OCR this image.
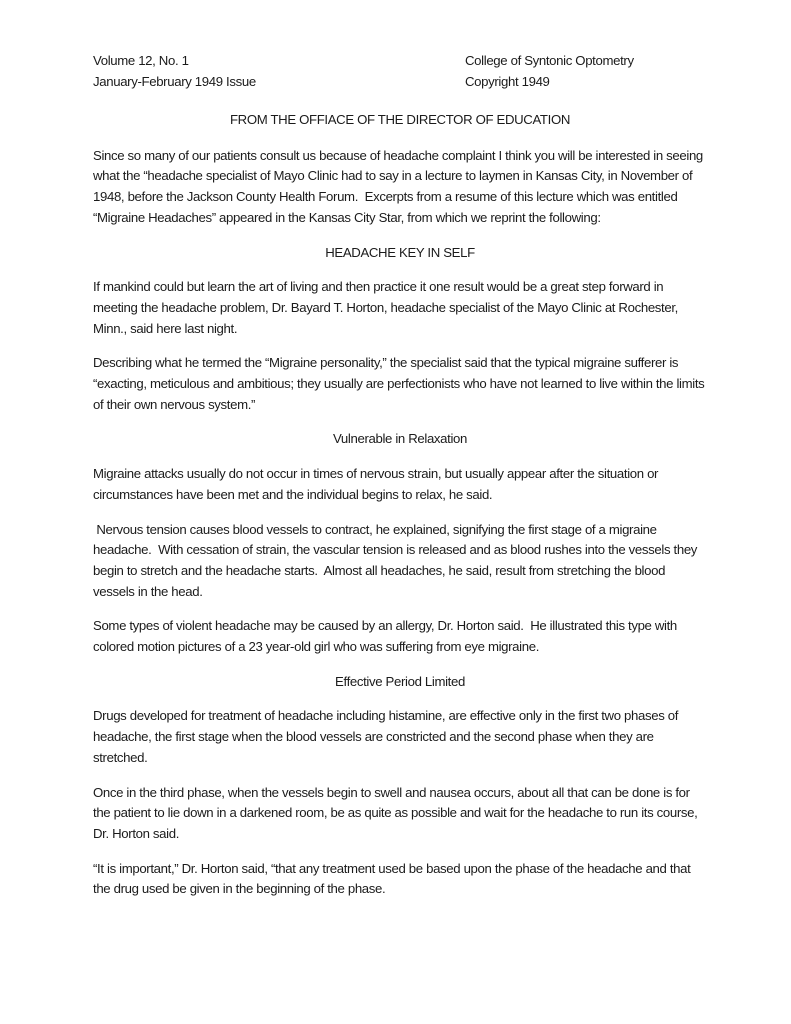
Volume 12, No. 1
January-February 1949 Issue
College of Syntonic Optometry
Copyright 1949
FROM THE OFFIACE OF THE DIRECTOR OF EDUCATION

Since so many of our patients consult us because of headache complaint I think you will be interested in seeing what the “headache specialist of Mayo Clinic had to say in a lecture to laymen in Kansas City, in November of 1948, before the Jackson County Health Forum.  Excerpts from a resume of this lecture which was entitled “Migraine Headaches” appeared in the Kansas City Star, from which we reprint the following:

HEADACHE KEY IN SELF

If mankind could but learn the art of living and then practice it one result would be a great step forward in meeting the headache problem, Dr. Bayard T. Horton, headache specialist of the Mayo Clinic at Rochester, Minn., said here last night.

Describing what he termed the “Migraine personality,” the specialist said that the typical migraine sufferer is “exacting, meticulous and ambitious; they usually are perfectionists who have not learned to live within the limits of their own nervous system.”

Vulnerable in Relaxation

Migraine attacks usually do not occur in times of nervous strain, but usually appear after the situation or circumstances have been met and the individual begins to relax, he said.

Nervous tension causes blood vessels to contract, he explained, signifying the first stage of a migraine headache.  With cessation of strain, the vascular tension is released and as blood rushes into the vessels they begin to stretch and the headache starts.  Almost all headaches, he said, result from stretching the blood vessels in the head.

Some types of violent headache may be caused by an allergy, Dr. Horton said.  He illustrated this type with colored motion pictures of a 23 year-old girl who was suffering from eye migraine.

Effective Period Limited

Drugs developed for treatment of headache including histamine, are effective only in the first two phases of headache, the first stage when the blood vessels are constricted and the second phase when they are stretched.

Once in the third phase, when the vessels begin to swell and nausea occurs, about all that can be done is for the patient to lie down in a darkened room, be as quite as possible and wait for the headache to run its course, Dr. Horton said.

“It is important,” Dr. Horton said, “that any treatment used be based upon the phase of the headache and that the drug used be given in the beginning of the phase.
